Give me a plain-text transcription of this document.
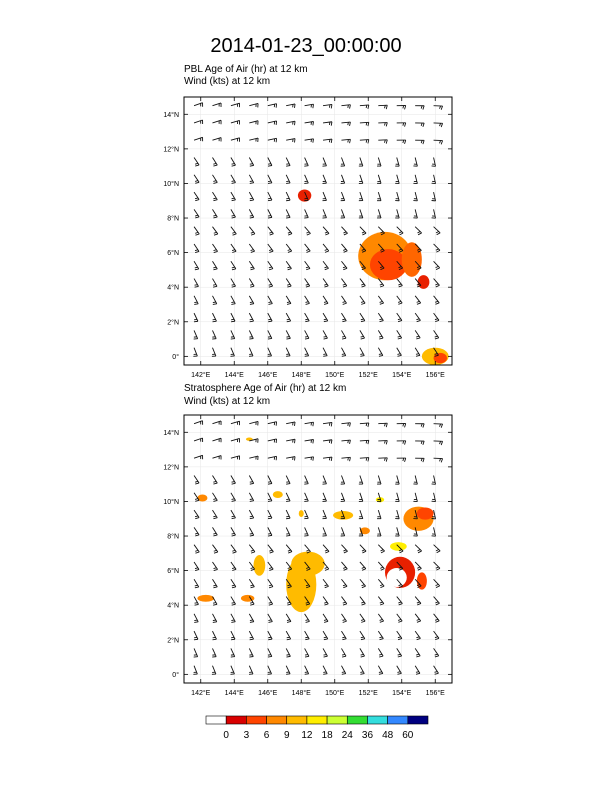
2014-01-23_00:00:00
PBL Age of Air (hr) at 12 km
Wind (kts) at 12 km
142°E 144°E 146°E 148°E 150°E 152°E 154°E 156°E
0°
2°N
4°N
6°N
8°N
10°N
12°N
14°N
Stratosphere Age of Air (hr) at 12 km
Wind (kts) at 12 km
142°E 144°E 146°E 148°E 150°E 152°E 154°E 156°E
0°
2°N
4°N
6°N
8°N
10°N
12°N
14°N
0 3 6 9 12 18 24 36 48 60
